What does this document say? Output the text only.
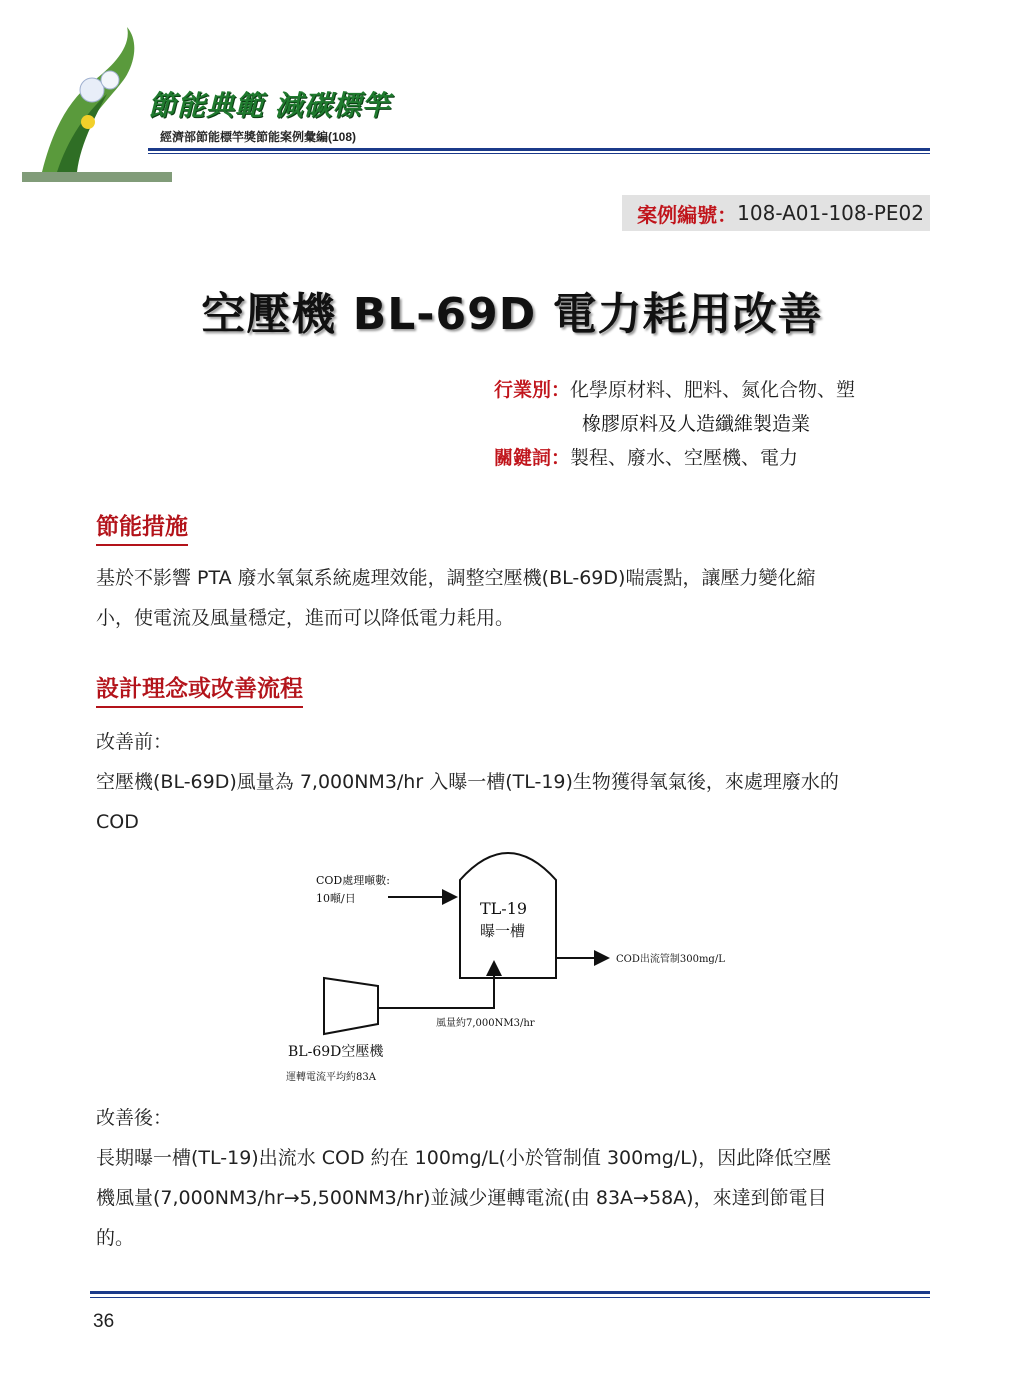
節能典範 減碳標竿
經濟部節能標竿獎節能案例彙編(108)
案例編號： 108-A01-108-PE02
空壓機 BL-69D 電力耗用改善
行業別：化學原材料、肥料、氮化合物、塑
橡膠原料及人造纖維製造業
關鍵詞：製程、廢水、空壓機、電力
節能措施
基於不影響 PTA 廢水氧氣系統處理效能，調整空壓機(BL-69D)喘震點，讓壓力變化縮
小，使電流及風量穩定，進而可以降低電力耗用。
設計理念或改善流程
改善前：
空壓機(BL-69D)風量為 7,000NM3/hr 入曝一槽(TL-19)生物獲得氧氣後，來處理廢水的
COD
TL-19
曝一槽
COD處理噸數:
10噸/日
COD出流管制300mg/L
風量約7,000NM3/hr
BL-69D空壓機
運轉電流平均約83A
改善後：
長期曝一槽(TL-19)出流水 COD 約在 100mg/L(小於管制值 300mg/L)，因此降低空壓
機風量(7,000NM3/hr→5,500NM3/hr)並減少運轉電流(由 83A→58A)，來達到節電目
的。
36
